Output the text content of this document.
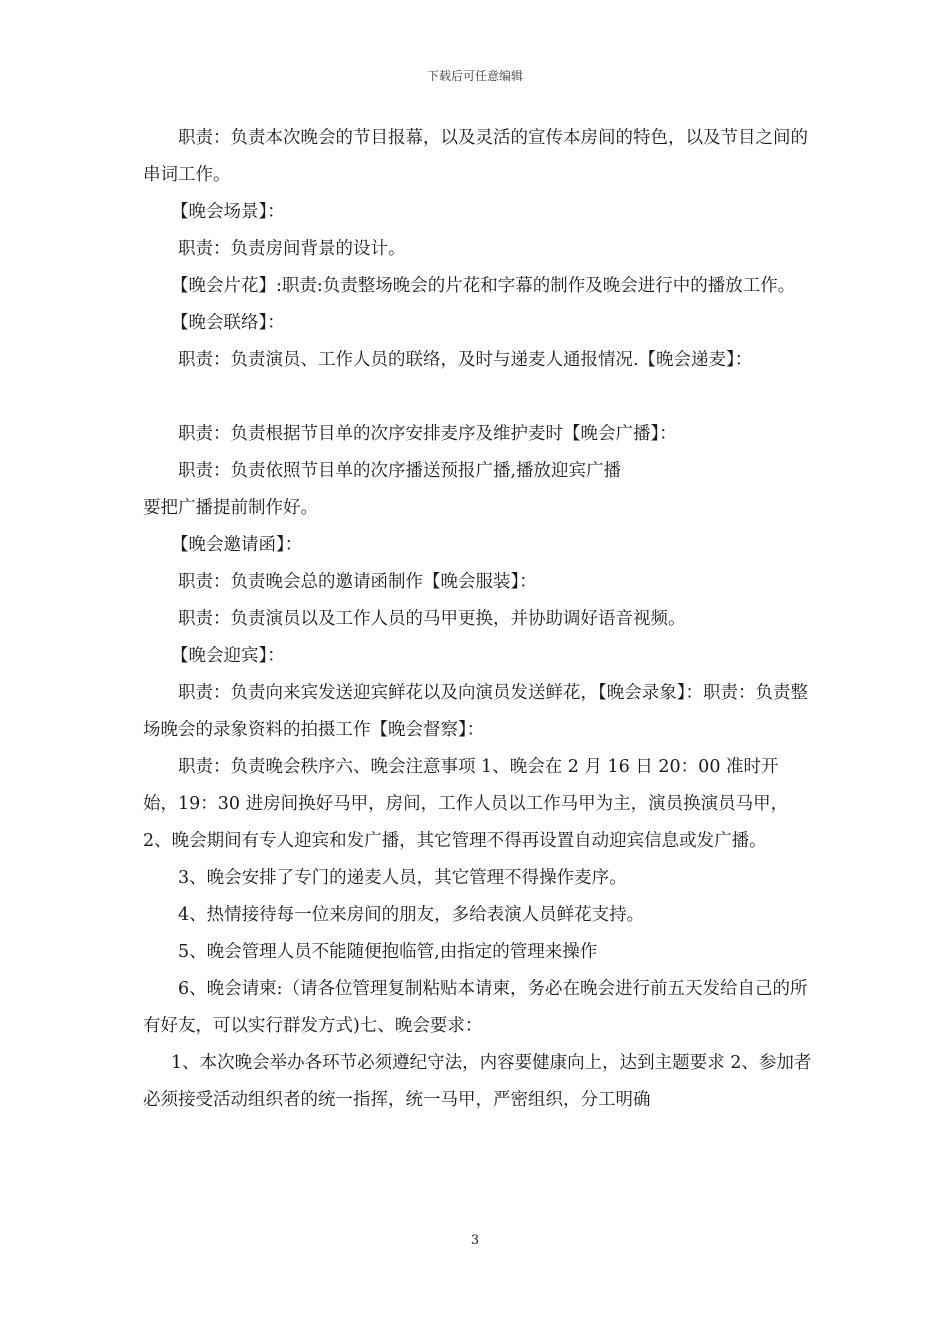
下载后可任意编辑

职责：负责本次晚会的节目报幕，以及灵活的宣传本房间的特色，以及节目之间的串词工作。

【晚会场景】：

职责：负责房间背景的设计。

【晚会片花】:职责:负责整场晚会的片花和字幕的制作及晚会进行中的播放工作。

【晚会联络】：

职责：负责演员、工作人员的联络，及时与递麦人通报情况.【晚会递麦】：

职责：负责根据节目单的次序安排麦序及维护麦时【晚会广播】：

职责：负责依照节目单的次序播送预报广播,播放迎宾广播

要把广播提前制作好。

【晚会邀请函】：

职责：负责晚会总的邀请函制作【晚会服装】：

职责：负责演员以及工作人员的马甲更换，并协助调好语音视频。

【晚会迎宾】：

职责：负责向来宾发送迎宾鲜花以及向演员发送鲜花，【晚会录象】：职责：负责整场晚会的录象资料的拍摄工作【晚会督察】：

职责：负责晚会秩序六、晚会注意事项 1、晚会在 2 月 16 日 20：00 准时开始，19：30 进房间换好马甲，房间，工作人员以工作马甲为主，演员换演员马甲，2、晚会期间有专人迎宾和发广播，其它管理不得再设置自动迎宾信息或发广播。

3、晚会安排了专门的递麦人员，其它管理不得操作麦序。

4、热情接待每一位来房间的朋友，多给表演人员鲜花支持。

5、晚会管理人员不能随便抱临管,由指定的管理来操作

6、晚会请柬:（请各位管理复制粘贴本请柬，务必在晚会进行前五天发给自己的所有好友，可以实行群发方式)七、晚会要求：

1、本次晚会举办各环节必须遵纪守法，内容要健康向上，达到主题要求 2、参加者必须接受活动组织者的统一指挥，统一马甲，严密组织，分工明确

3
